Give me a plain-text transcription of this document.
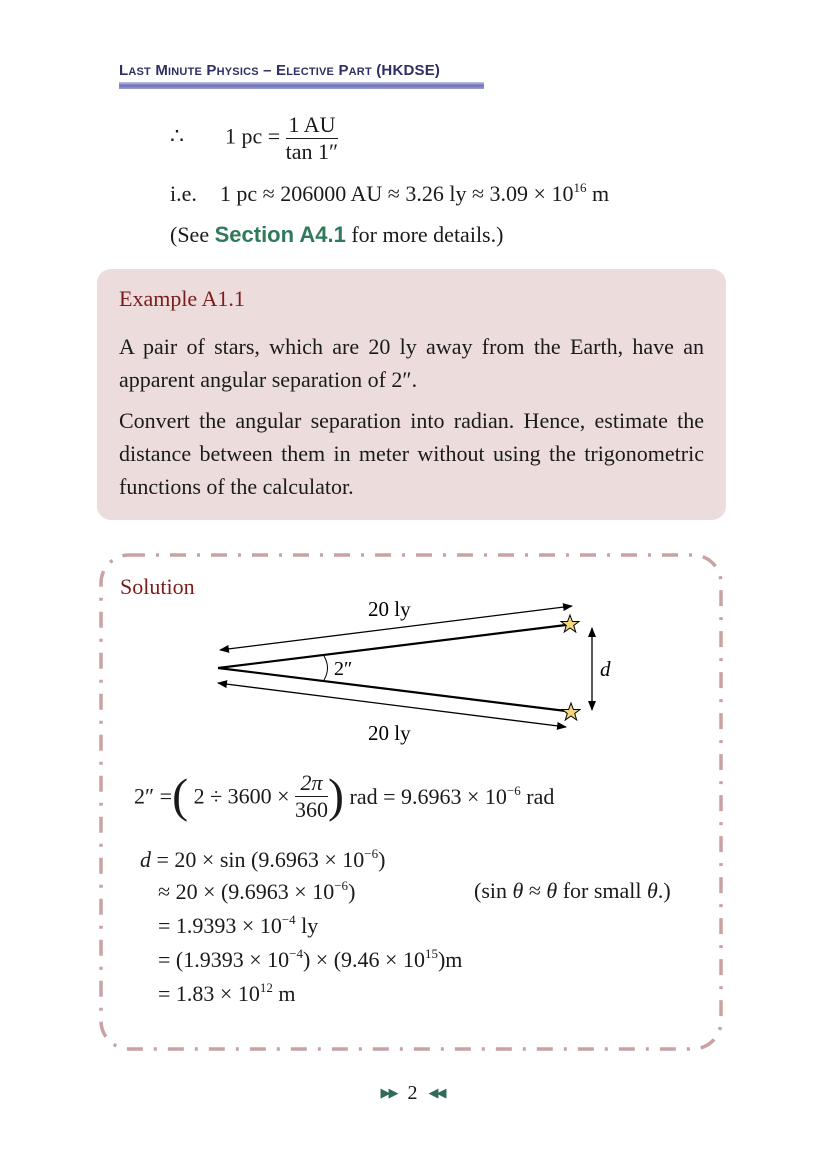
Last Minute Physics – Elective Part (HKDSE)
∴ 1 pc = $\frac{1 AU}{\tan 1''}$
i.e. 1 pc ≈ 206000 AU ≈ 3.26 ly ≈ $3.09 \times 10^{16}$ m
(See Section A4.1 for more details.)
Example A1.1

A pair of stars, which are 20 ly away from the Earth, have an apparent angular separation of 2″.

Convert the angular separation into radian. Hence, estimate the distance between them in meter without using the trigonometric functions of the calculator.

Solution
20 ly
20 ly
2″	d
2″ =( $2 \div 3600 \times \frac{2\pi}{360}$ ) rad = $9.6963 \times 10^{-6}$ rad
$d = 20 \times \sin (9.6963 \times 10^{-6})$
≈ $20 \times (9.6963 \times 10^{-6})$	(sin θ ≈ θ for small θ.)
= $1.9393 \times 10^{-4}$ ly
= $(1.9393 \times 10^{-4}) \times (9.46 \times 10^{15})m$
= $1.83 \times 10^{12}$ m
▶▶ 2 ◀◀
